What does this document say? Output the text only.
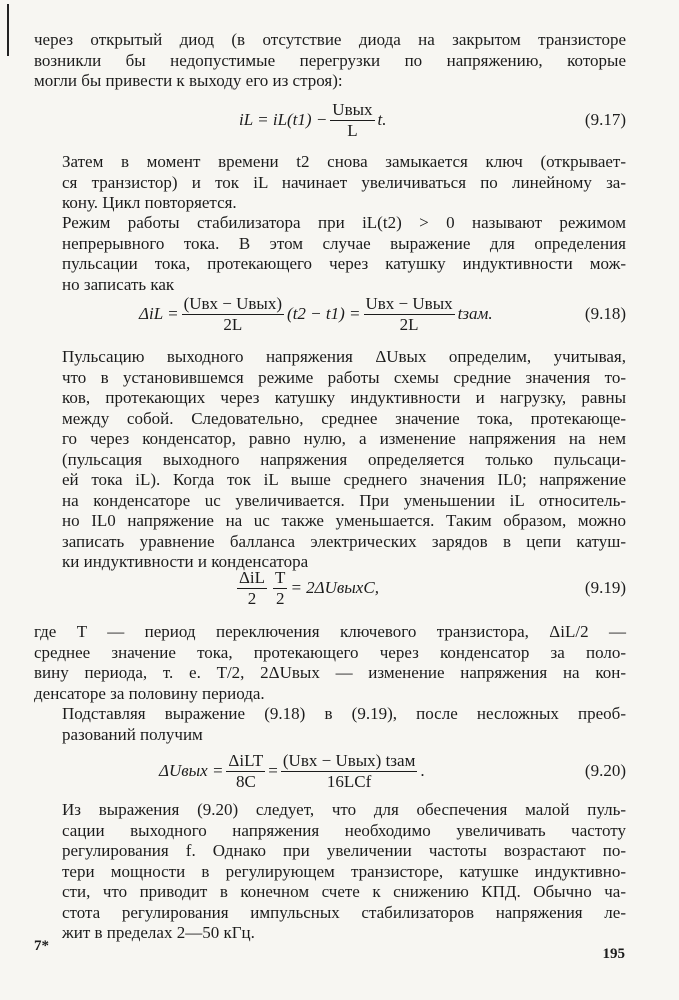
через открытый диод (в отсутствие диода на закрытом транзисторе
возникли бы недопустимые перегрузки по напряжению, которые
могли бы привести к выходу его из строя):
iL = $iL(t1) - \frac{\text{Uвых}}{L} t$.	(9.17)
Затем в момент времени t2 снова замыкается ключ (открывает-
ся транзистор) и ток iL начинает увеличиваться по линейному за-
кону. Цикл повторяется.
Режим работы стабилизатора при iL(t2) > 0 называют режимом
непрерывного тока. В этом случае выражение для определения
пульсации тока, протекающего через катушку индуктивности мож-
но записать как
$\Delta iL = \frac{\text{(Uвх − Uвых)}}{2L} (t2 - t1) = \frac{\text{Uвх − Uвых}}{2L}$ tзам.	(9.18)
Пульсацию выходного напряжения ΔUвых определим, учитывая,
что в установившемся режиме работы схемы средние значения то-
ков, протекающих через катушку индуктивности и нагрузку, равны
между собой. Следовательно, среднее значение тока, протекающе-
го через конденсатор, равно нулю, а изменение напряжения на нем
(пульсация выходного напряжения определяется только пульсаци-
ей тока iL). Когда ток iL выше среднего значения IL0; напряжение
на конденсаторе uc увеличивается. При уменьшении iL относитель-
но IL0 напряжение на uc также уменьшается. Таким образом, можно
записать уравнение балланса электрических зарядов в цепи катуш-
ки индуктивности и конденсатора
$\frac{\text{ΔiL}}{2} \frac{T}{2}$ = 2ΔUвыхC,	(9.19)
где T — период переключения ключевого транзистора, ΔiL/2 —
среднее значение тока, протекающего через конденсатор за поло-
вину периода, т. е. T/2, 2ΔUвых — изменение напряжения на кон-
денсаторе за половину периода.
Подставляя выражение (9.18) в (9.19), после несложных преоб-
разований получим
ΔUвых = $\frac{\text{ΔiLT}}{8C} = \frac{\text{(Uвх − Uвых) tзам}}{\text{16LCf}}$ .	(9.20)
Из выражения (9.20) следует, что для обеспечения малой пуль-
сации выходного напряжения необходимо увеличивать частоту
регулирования f. Однако при увеличении частоты возрастают по-
тери мощности в регулирующем транзисторе, катушке индуктивно-
сти, что приводит в конечном счете к снижению КПД. Обычно ча-
стота регулирования импульсных стабилизаторов напряжения ле-
жит в пределах 2—50 кГц.
7*	195
